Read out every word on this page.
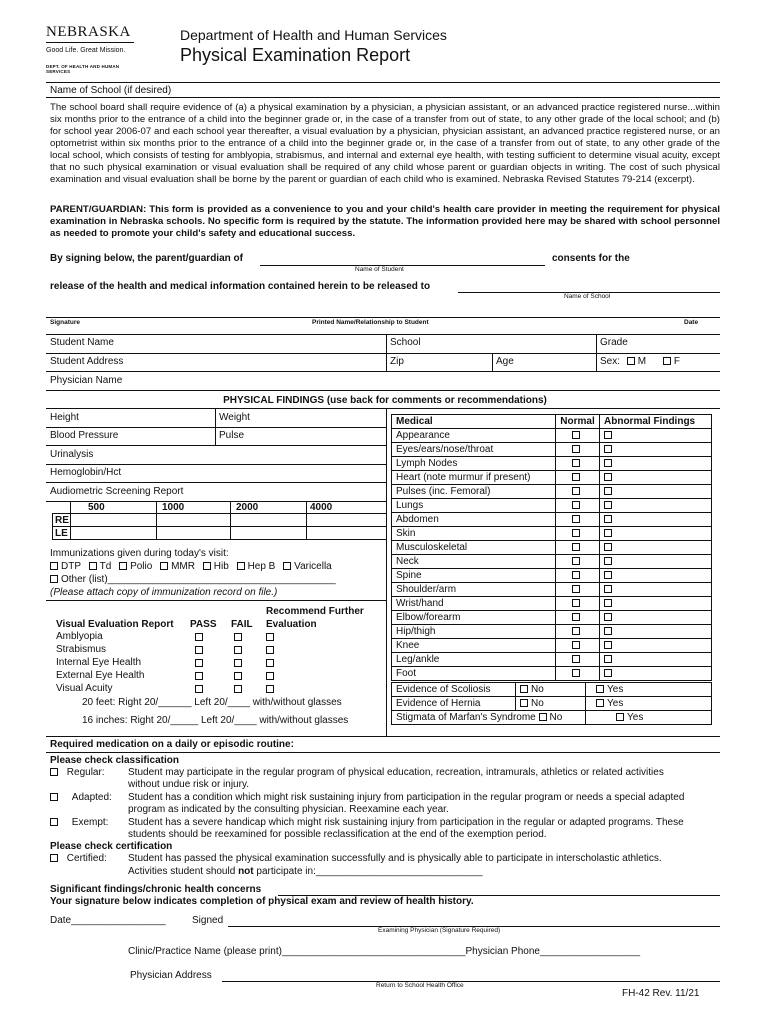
NEBRASKA
Good Life. Great Mission.
DEPT. OF HEALTH AND HUMAN SERVICES
Department of Health and Human Services
Physical Examination Report
Name of School (if desired)
The school board shall require evidence of (a) a physical examination by a physician, a physician assistant, or an advanced practice registered nurse...within six months prior to the entrance of a child into the beginner grade or, in the case of a transfer from out of state, to any other grade of the local school; and (b) for school year 2006-07 and each school year thereafter, a visual evaluation by a physician, physician assistant, an advanced practice registered nurse, or an optometrist within six months prior to the entrance of a child into the beginner grade or, in the case of a transfer from out of state, to any other grade of the local school, which consists of testing for amblyopia, strabismus, and internal and external eye health, with testing sufficient to determine visual acuity, except that no such physical examination or visual evaluation shall be required of any child whose parent or guardian objects in writing. The cost of such physical examination and visual evaluation shall be borne by the parent or guardian of each child who is examined. Nebraska Revised Statutes 79-214 (excerpt).
PARENT/GUARDIAN: This form is provided as a convenience to you and your child's health care provider in meeting the requirement for physical examination in Nebraska schools. No specific form is required by the statute. The information provided here may be shared with school personnel as needed to promote your child's safety and educational success.
By signing below, the parent/guardian of	consents for the
Name of Student
release of the health and medical information contained herein to be released to
Name of School
Signature	Printed Name/Relationship to Student	Date
Student Name	School	Grade
Student Address	Zip	Age	Sex: M	F
Physician Name
PHYSICAL FINDINGS (use back for comments or recommendations)
Height	Weight
Blood Pressure	Pulse
Urinalysis
Hemoglobin/Hct
Audiometric Screening Report
500	1000	2000	4000
RE
LE
Immunizations given during today's visit:
DTP Td Polio MMR Hib Hep B Varicella
Other (list)_________________________________________
(Please attach copy of immunization record on file.)
Recommend Further
Visual Evaluation Report PASS FAIL Evaluation
Amblyopia
Strabismus
Internal Eye Health
External Eye Health
Visual Acuity
20 feet: Right 20/______ Left 20/____ with/without glasses
16 inches: Right 20/_____ Left 20/____ with/without glasses
Medical	Normal	Abnormal Findings
Appearance		
Eyes/ears/nose/throat		
Lymph Nodes		
Heart (note murmur if present)		
Pulses (inc. Femoral)		
Lungs		
Abdomen		
Skin		
Musculoskeletal		
Neck		
Spine		
Shoulder/arm		
Wrist/hand		
Elbow/forearm		
Hip/thigh		
Knee		
Leg/ankle		
Foot		
Evidence of Scoliosis	No	Yes
Evidence of Hernia	No	Yes
Stigmata of Marfan's Syndrome No		Yes
Required medication on a daily or episodic routine:
Please check classification
Regular: Student may participate in the regular program of physical education, recreation, intramurals, athletics or related activities
without undue risk or injury.
Adapted: Student has a condition which might risk sustaining injury from participation in the regular program or needs a special adapted
program as indicated by the consulting physician. Reexamine each year.
Exempt: Student has a severe handicap which might risk sustaining injury from participation in the regular or adapted programs. These
students should be reexamined for possible reclassification at the end of the exemption period.
Please check certification
Certified: Student has passed the physical examination successfully and is physically able to participate in interscholastic athletics.
Activities student should not participate in:______________________________
Significant findings/chronic health concerns
Your signature below indicates completion of physical exam and review of health history.
Date_________________	Signed
Examining Physician (Signature Required)
Clinic/Practice Name (please print)_________________________________Physician Phone__________________
Physician Address
Return to School Health Office
FH-42 Rev. 11/21
